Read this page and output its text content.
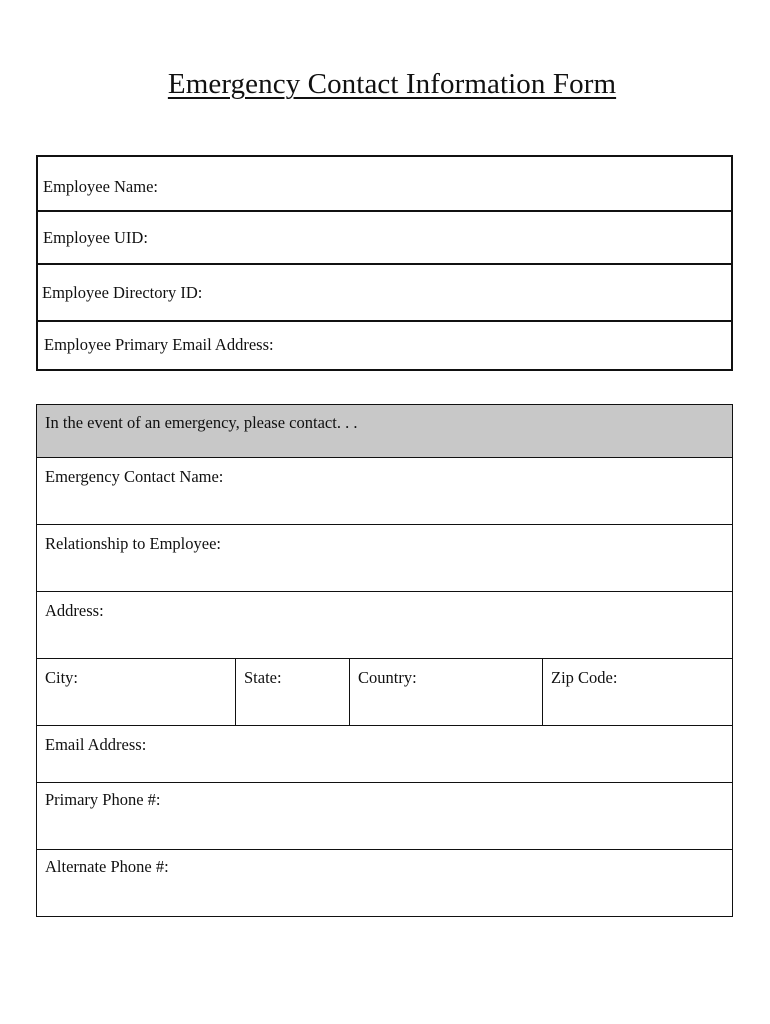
Emergency Contact Information Form
Employee Name:
Employee UID:
Employee Directory ID:
Employee Primary Email Address:
In the event of an emergency, please contact. . .
Emergency Contact Name:
Relationship to Employee:
Address:
City:	State:	Country:	Zip Code:
Email Address:
Primary Phone #:
Alternate Phone #:
